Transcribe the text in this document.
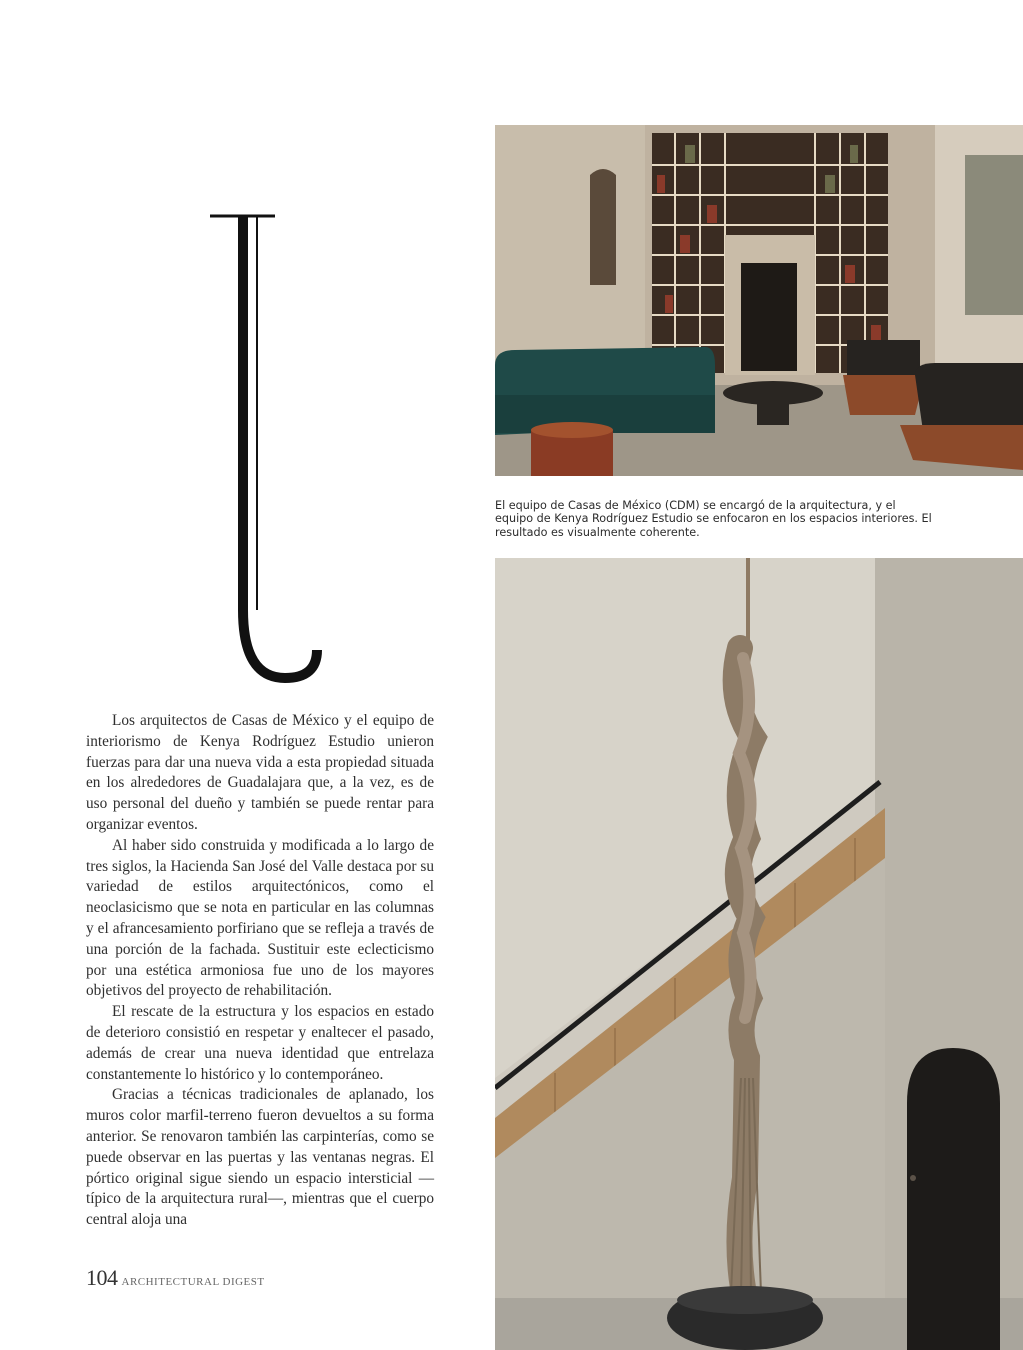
El equipo de Casas de México (CDM) se encargó de la arquitectura, y el equipo de Kenya Rodríguez Estudio se enfocaron en los espacios interiores. El resultado es visualmente coherente.

Los arquitectos de Casas de México y el equipo de interiorismo de Kenya Rodríguez Estudio unieron fuerzas para dar una nueva vida a esta propiedad situada en los alrededores de Guadalajara que, a la vez, es de uso personal del dueño y también se puede rentar para organizar eventos.

Al haber sido construida y modificada a lo largo de tres siglos, la Hacienda San José del Valle destaca por su variedad de estilos arquitectónicos, como el neoclasicismo que se nota en particular en las columnas y el afrancesamiento porfiriano que se refleja a través de una porción de la fachada. Sustituir este eclecticismo por una estética armoniosa fue uno de los mayores objetivos del proyecto de rehabilitación.

El rescate de la estructura y los espacios en estado de deterioro consistió en respetar y enaltecer el pasado, además de crear una nueva identidad que entrelaza constantemente lo histórico y lo contemporáneo.

Gracias a técnicas tradicionales de aplanado, los muros color marfil-terreno fueron devueltos a su forma anterior. Se renovaron también las carpinterías, como se puede observar en las puertas y las ventanas negras. El pórtico original sigue siendo un espacio intersticial —típico de la arquitectura rural—, mientras que el cuerpo central aloja una

104 ARCHITECTURAL DIGEST
